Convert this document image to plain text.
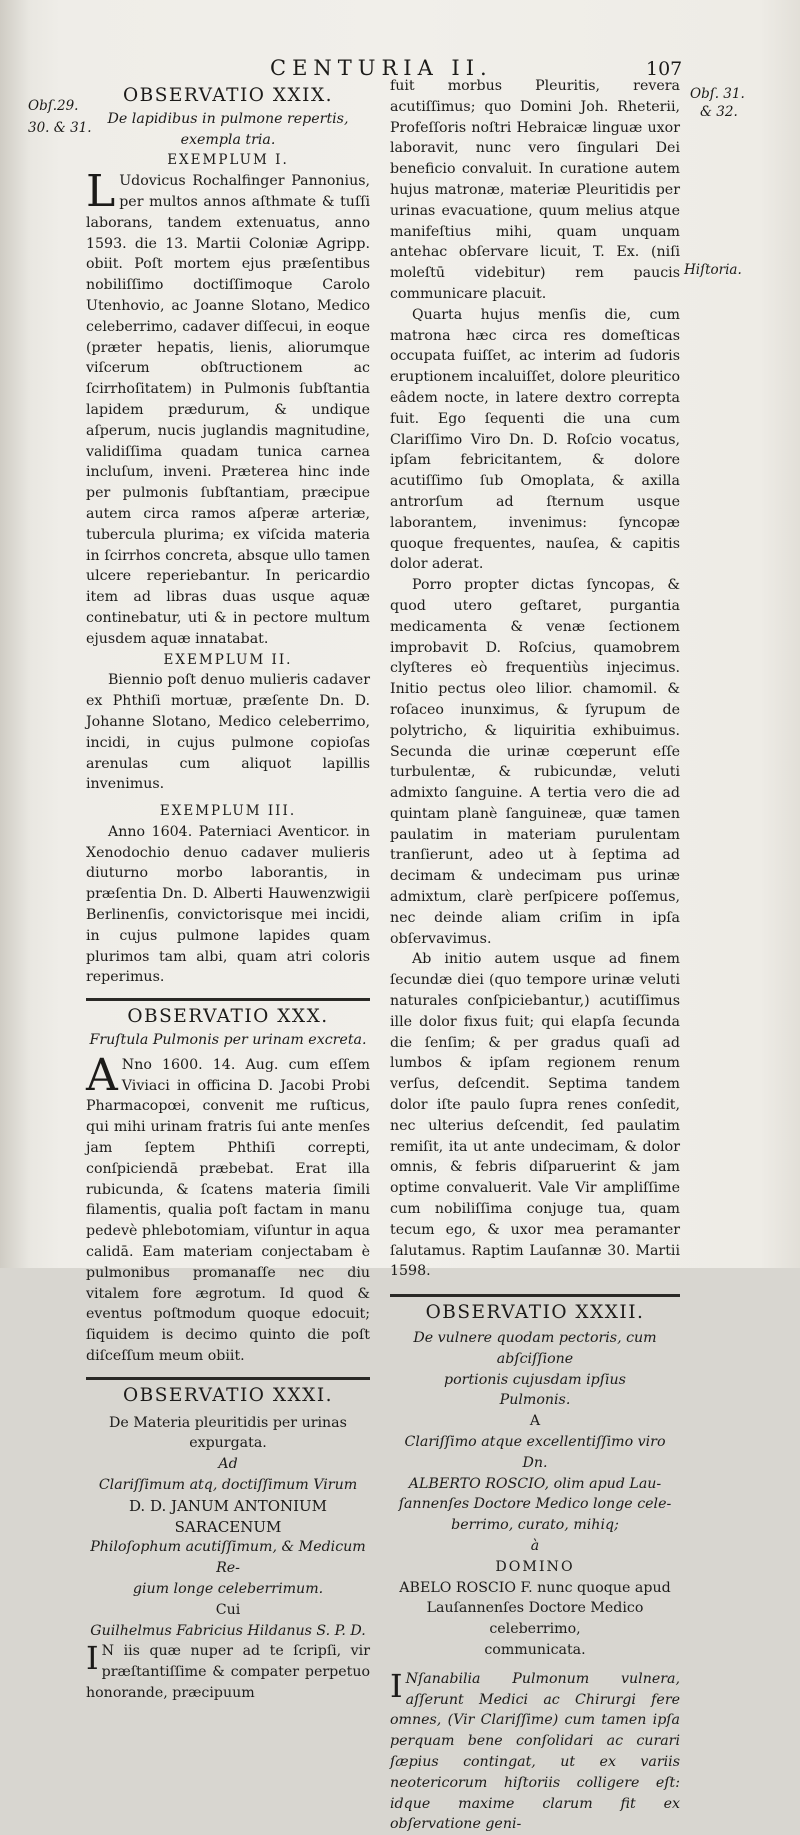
CENTURIA II.	107
Obſ.29.
30. & 31.
Obſ. 31.
& 32.
Hiſtoria.
OBSERVATIO XXIX.
De lapidibus in pulmone repertis, exempla tria.
EXEMPLUM I.

L Udovicus Rochalfinger Pannonius, per multos annos aſthmate & tuſſi laborans, tandem extenuatus, anno 1593. die 13. Martii Coloniæ Agripp. obiit. Poſt mortem ejus præſentibus nobiliſſimo doctiſſimoque Carolo Utenhovio, ac Joanne Slotano, Medico celeberrimo, cadaver diſſecui, in eoque (præter hepatis, lienis, aliorumque viſcerum obſtructionem ac ſcirrhoſitatem) in Pulmonis ſubſtantia lapidem prædurum, & undique aſperum, nucis juglandis magnitudine, validiſſima quadam tunica carnea incluſum, inveni. Præterea hinc inde per pulmonis ſubſtantiam, præcipue autem circa ramos aſperæ arteriæ, tubercula plurima; ex viſcida materia in ſcirrhos concreta, absque ullo tamen ulcere reperiebantur. In pericardio item ad libras duas usque aquæ continebatur, uti & in pectore multum ejusdem aquæ innatabat.

EXEMPLUM II.

Biennio poſt denuo mulieris cadaver ex Phthiſi mortuæ, præſente Dn. D. Johanne Slotano, Medico celeberrimo, incidi, in cujus pulmone copioſas arenulas cum aliquot lapillis invenimus.

EXEMPLUM III.

Anno 1604. Paterniaci Aventicor. in Xenodochio denuo cadaver mulieris diuturno morbo laborantis, in præſentia Dn. D. Alberti Hauwenzwigii Berlinenſis, convictorisque mei incidi, in cujus pulmone lapides quam plurimos tam albi, quam atri coloris reperimus.

OBSERVATIO XXX.
Fruſtula Pulmonis per urinam excreta.

A Nno 1600. 14. Aug. cum eſſem Viviaci in officina D. Jacobi Probi Pharmacopœi, convenit me ruſticus, qui mihi urinam fratris ſui ante menſes jam ſeptem Phthiſi correpti, conſpiciendā præbebat. Erat illa rubicunda, & ſcatens materia ſimili filamentis, qualia poſt factam in manu pedevè phlebotomiam, viſuntur in aqua calidā. Eam materiam conjectabam è pulmonibus promanaſſe nec diu vitalem fore ægrotum. Id quod & eventus poſtmodum quoque edocuit; ſiquidem is decimo quinto die poſt diſceſſum meum obiit.

OBSERVATIO XXXI.
De Materia pleuritidis per urinas
expurgata.
Ad
Clariſſimum atq, doctiſſimum Virum
D. D. JANUM ANTONIUM SARACENUM
Philoſophum acutiſſimum, & Medicum Re-
gium longe celeberrimum.
Cui
Guilhelmus Fabricius Hildanus S. P. D.

I N iis quæ nuper ad te ſcripſi, vir præſtantiſſime & compater perpetuo honorande, præcipuum

fuit morbus Pleuritis, revera acutiſſimus; quo Domini Joh. Rheterii, Profeſſoris noſtri Hebraicæ linguæ uxor laboravit, nunc vero ſingulari Dei beneficio convaluit. In curatione autem hujus matronæ, materiæ Pleuritidis per urinas evacuatione, quum melius atque manifeſtius mihi, quam unquam antehac obſervare licuit, T. Ex. (niſi moleſtū videbitur) rem paucis communicare placuit.

Quarta hujus menſis die, cum matrona hæc circa res domeſticas occupata fuiſſet, ac interim ad ſudoris eruptionem incaluiſſet, dolore pleuritico eâdem nocte, in latere dextro correpta fuit. Ego ſequenti die una cum Clariſſimo Viro Dn. D. Roſcio vocatus, ipſam febricitantem, & dolore acutiſſimo ſub Omoplata, & axilla antrorſum ad ſternum usque laborantem, invenimus: ſyncopæ quoque frequentes, nauſea, & capitis dolor aderat.

Porro propter dictas ſyncopas, & quod utero geſtaret, purgantia medicamenta & venæ ſectionem improbavit D. Roſcius, quamobrem clyſteres eò frequentiùs injecimus. Initio pectus oleo lilior. chamomil. & roſaceo inunximus, & ſyrupum de polytricho, & liquiritia exhibuimus. Secunda die urinæ cœperunt eſſe turbulentæ, & rubicundæ, veluti admixto ſanguine. A tertia vero die ad quintam planè ſanguineæ, quæ tamen paulatim in materiam purulentam tranſierunt, adeo ut à ſeptima ad decimam & undecimam pus urinæ admixtum, clarè perſpicere poſſemus, nec deinde aliam criſim in ipſa obſervavimus.

Ab initio autem usque ad finem ſecundæ diei (quo tempore urinæ veluti naturales conſpiciebantur,) acutiſſimus ille dolor fixus fuit; qui elapſa ſecunda die ſenſim; & per gradus quaſi ad lumbos & ipſam regionem renum verſus, deſcendit. Septima tandem dolor iſte paulo ſupra renes conſedit, nec ulterius deſcendit, ſed paulatim remiſit, ita ut ante undecimam, & dolor omnis, & febris diſparuerint & jam optime convaluerit. Vale Vir ampliſſime cum nobiliſſima conjuge tua, quam tecum ego, & uxor mea peramanter ſalutamus. Raptim Lauſannæ 30. Martii 1598.

OBSERVATIO XXXII.
De vulnere quodam pectoris, cum abſciſſione
portionis cujusdam ipſius
Pulmonis.
A
Clariſſimo atque excellentiſſimo viro Dn.
ALBERTO ROSCIO, olim apud Lau-
ſannenſes Doctore Medico longe cele-
berrimo, curato, mihiq;
à
DOMINO
ABELO ROSCIO F. nunc quoque apud Lauſannenſes Doctore Medico celeberrimo,
communicata.

I Nſanabilia Pulmonum vulnera, aſſerunt Medici ac Chirurgi fere omnes, (Vir Clariſſime) cum tamen ipſa perquam bene conſolidari ac curari ſæpius contingat, ut ex variis neotericorum hiſtoriis colligere eſt: idque maxime clarum fit ex obſervatione geni-
